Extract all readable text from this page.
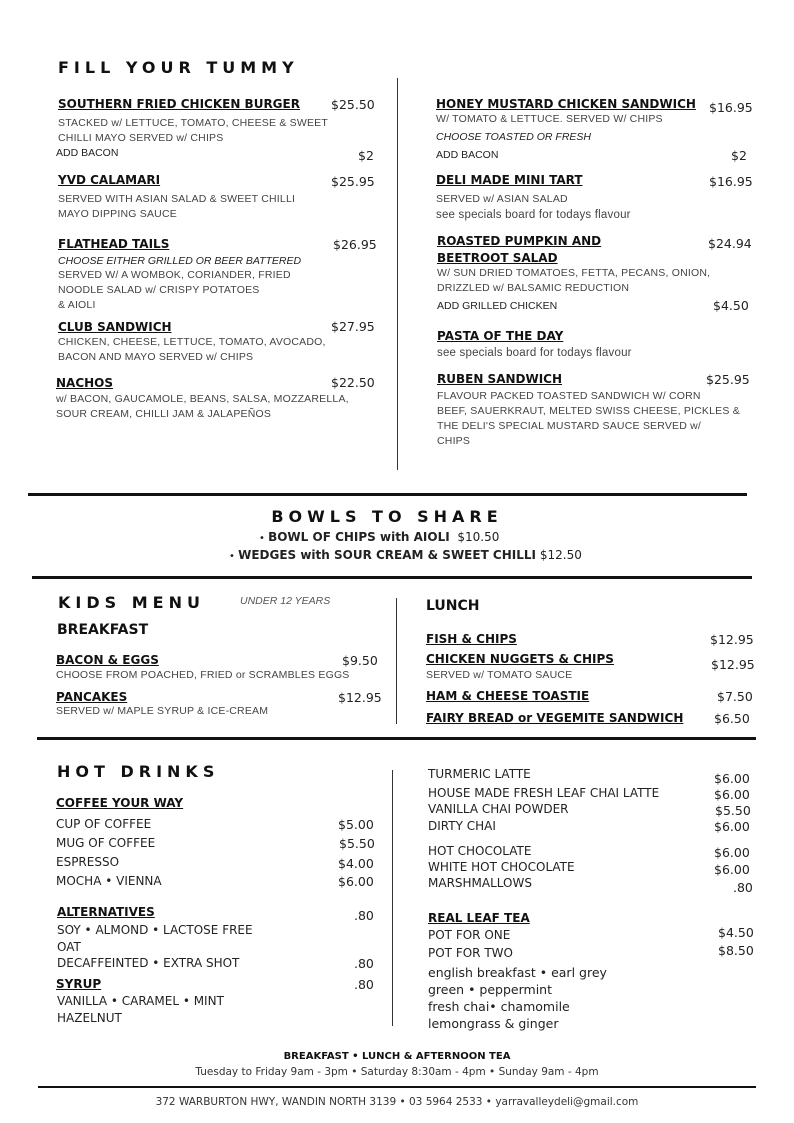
FILL YOUR TUMMY
SOUTHERN FRIED CHICKEN BURGER $25.50
STACKED w/ LETTUCE, TOMATO, CHEESE & SWEET
CHILLI MAYO SERVED w/ CHIPS
ADD BACON	$2
YVD CALAMARI	$25.95
SERVED WITH ASIAN SALAD & SWEET CHILLI
MAYO DIPPING SAUCE
FLATHEAD TAILS	$26.95
CHOOSE EITHER GRILLED OR BEER BATTERED
SERVED W/ A WOMBOK, CORIANDER, FRIED
NOODLE SALAD w/ CRISPY POTATOES
& AIOLI
CLUB SANDWICH	$27.95
CHICKEN, CHEESE, LETTUCE, TOMATO, AVOCADO,
BACON AND MAYO SERVED w/ CHIPS
NACHOS	$22.50
w/ BACON, GAUCAMOLE, BEANS, SALSA, MOZZARELLA,
SOUR CREAM, CHILLI JAM & JALAPEÑOS
HONEY MUSTARD CHICKEN SANDWICH $16.95
W/ TOMATO & LETTUCE. SERVED W/ CHIPS
CHOOSE TOASTED OR FRESH
ADD BACON	$2
DELI MADE MINI TART	$16.95
SERVED w/ ASIAN SALAD
see specials board for todays flavour
ROASTED PUMPKIN AND
BEETROOT SALAD
$24.94
W/ SUN DRIED TOMATOES, FETTA, PECANS, ONION,
DRIZZLED w/ BALSAMIC REDUCTION
ADD GRILLED CHICKEN	$4.50
PASTA OF THE DAY
see specials board for todays flavour
RUBEN SANDWICH	$25.95
FLAVOUR PACKED TOASTED SANDWICH W/ CORN
BEEF, SAUERKRAUT, MELTED SWISS CHEESE, PICKLES &
THE DELI'S SPECIAL MUSTARD SAUCE SERVED w/
CHIPS
BOWLS TO SHARE
• BOWL OF CHIPS with AIOLI $10.50
• WEDGES with SOUR CREAM & SWEET CHILLI $12.50
KIDS MENU	UNDER 12 YEARS
BREAKFAST
BACON & EGGS	$9.50
CHOOSE FROM POACHED, FRIED or SCRAMBLES EGGS
PANCAKES	$12.95
SERVED w/ MAPLE SYRUP & ICE-CREAM
LUNCH
FISH & CHIPS	$12.95
CHICKEN NUGGETS & CHIPS	$12.95
SERVED w/ TOMATO SAUCE
HAM & CHEESE TOASTIE	$7.50
FAIRY BREAD or VEGEMITE SANDWICH $6.50
HOT DRINKS
COFFEE YOUR WAY
CUP OF COFFEE	$5.00
MUG OF COFFEE	$5.50
ESPRESSO	$4.00
MOCHA • VIENNA	$6.00
ALTERNATIVES	.80
SOY • ALMOND • LACTOSE FREE
OAT
DECAFFEINTED • EXTRA SHOT	.80
SYRUP	.80
VANILLA • CARAMEL • MINT
HAZELNUT
TURMERIC LATTE	$6.00
HOUSE MADE FRESH LEAF CHAI LATTE	$6.00
VANILLA CHAI POWDER	$5.50
DIRTY CHAI	$6.00
HOT CHOCOLATE	$6.00
WHITE HOT CHOCOLATE	$6.00
MARSHMALLOWS	.80
REAL LEAF TEA
POT FOR ONE	$4.50
POT FOR TWO	$8.50
english breakfast • earl grey
green • peppermint
fresh chai• chamomile
lemongrass & ginger
BREAKFAST • LUNCH & AFTERNOON TEA
Tuesday to Friday 9am - 3pm • Saturday 8:30am - 4pm • Sunday 9am - 4pm
372 WARBURTON HWY, WANDIN NORTH 3139 • 03 5964 2533 • yarravalleydeli@gmail.com
